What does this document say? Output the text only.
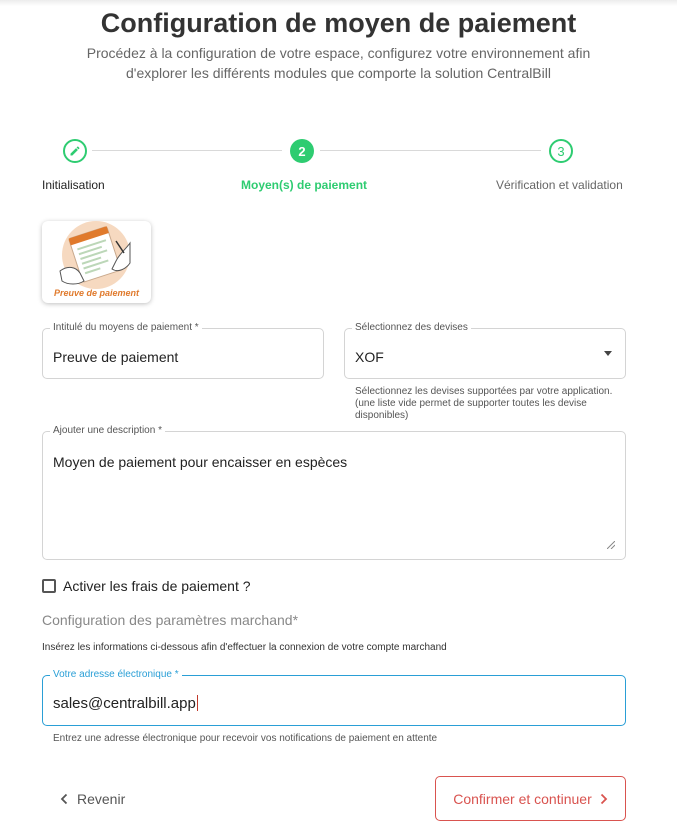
Configuration de moyen de paiement

Procédez à la configuration de votre espace, configurez votre environnement afin d'explorer les différents modules que comporte la solution CentralBill

2	3
Initialisation	Moyen(s) de paiement	Vérification et validation
Preuve de paiement
Intitulé du moyens de paiement *
Preuve de paiement
Sélectionnez des devises
XOF
Sélectionnez les devises supportées par votre application. (une liste vide permet de supporter toutes les devise disponibles)
Ajouter une description *
Moyen de paiement pour encaisser en espèces
Activer les frais de paiement ?
Configuration des paramètres marchand*
Insérez les informations ci-dessous afin d'effectuer la connexion de votre compte marchand
Votre adresse électronique *
sales@centralbill.app
Entrez une adresse électronique pour recevoir vos notifications de paiement en attente
Revenir	Confirmer et continuer
